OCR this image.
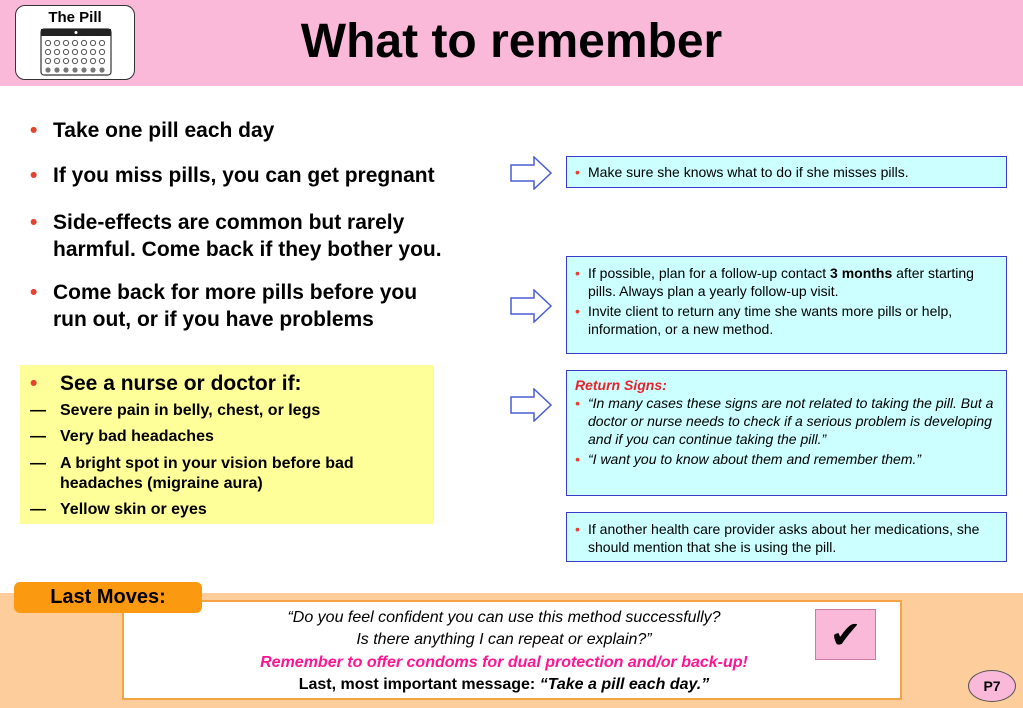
The Pill	What to remember
• Take one pill each day
• If you miss pills, you can get pregnant
• Side-effects are common but rarely
harmful. Come back if they bother you.
• Come back for more pills before you
run out, or if you have problems
• See a nurse or doctor if:
— Severe pain in belly, chest, or legs
— Very bad headaches
— A bright spot in your vision before bad headaches (migraine aura)
— Yellow skin or eyes
• Make sure she knows what to do if she misses pills.
• If possible, plan for a follow-up contact 3 months after starting pills. Always plan a yearly follow-up visit.
• Invite client to return any time she wants more pills or help, information, or a new method.
Return Signs:
• “In many cases these signs are not related to taking the pill. But a doctor or nurse needs to check if a serious problem is developing and if you can continue taking the pill.”
• “I want you to know about them and remember them.”
• If another health care provider asks about her medications, she should mention that she is using the pill.
“Do you feel confident you can use this method successfully?
Is there anything I can repeat or explain?”
Remember to offer condoms for dual protection and/or back-up!
Last, most important message: “Take a pill each day.”
Last Moves:
✔
P7
